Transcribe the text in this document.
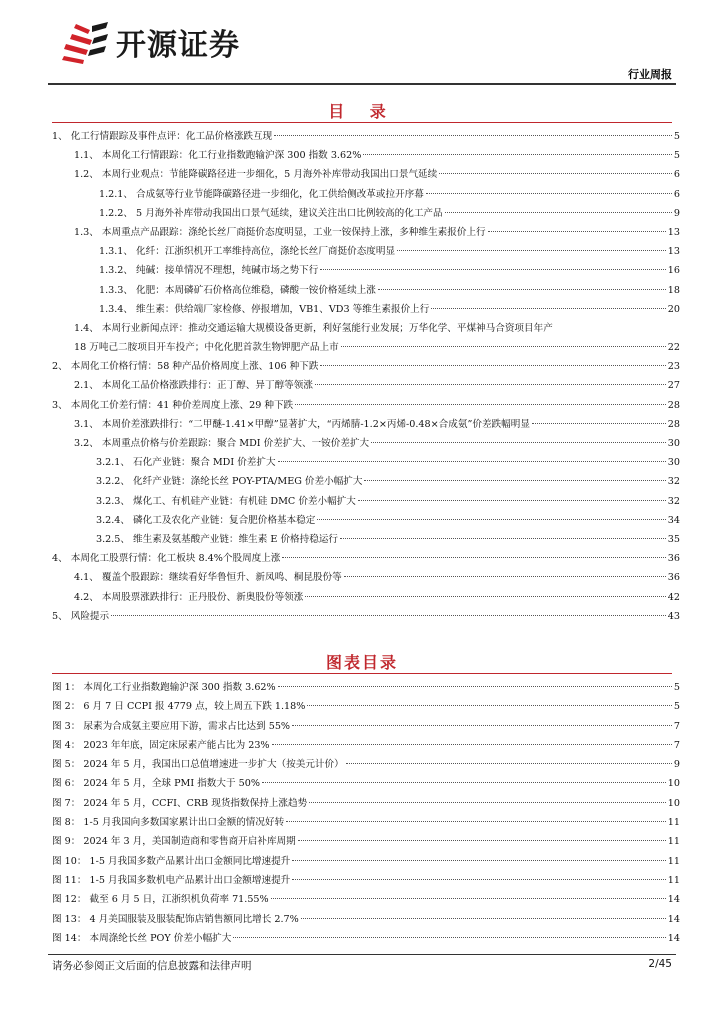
开源证券
行业周报
目 录
1、 化工行情跟踪及事件点评：化工品价格涨跌互现	5
1.1、 本周化工行情跟踪：化工行业指数跑输沪深 300 指数 3.62%	5
1.2、 本周行业观点：节能降碳路径进一步细化，5 月海外补库带动我国出口景气延续	6
1.2.1、 合成氨等行业节能降碳路径进一步细化，化工供给侧改革或拉开序幕	6
1.2.2、 5 月海外补库带动我国出口景气延续，建议关注出口比例较高的化工产品	9
1.3、 本周重点产品跟踪：涤纶长丝厂商挺价态度明显，工业一铵保持上涨，多种维生素报价上行	13
1.3.1、 化纤：江浙织机开工率维持高位，涤纶长丝厂商挺价态度明显	13
1.3.2、 纯碱：接单情况不理想，纯碱市场之势下行	16
1.3.3、 化肥：本周磷矿石价格高位维稳，磷酸一铵价格延续上涨	18
1.3.4、 维生素：供给端厂家检修、停报增加，VB1、VD3 等维生素报价上行	20
1.4、 本周行业新闻点评：推动交通运输大规模设备更新，利好氢能行业发展；万华化学、平煤神马合资项目年产
18 万吨己二胺项目开车投产；中化化肥首款生物钾肥产品上市	22
2、 本周化工价格行情：58 种产品价格周度上涨、106 种下跌	23
2.1、 本周化工品价格涨跌排行：正丁醇、异丁醇等领涨	27
3、 本周化工价差行情：41 种价差周度上涨、29 种下跌	28
3.1、 本周价差涨跌排行：“二甲醚-1.41×甲醇”显著扩大，“丙烯腈-1.2×丙烯-0.48×合成氨”价差跌幅明显	28
3.2、 本周重点价格与价差跟踪：聚合 MDI 价差扩大、一铵价差扩大	30
3.2.1、 石化产业链：聚合 MDI 价差扩大	30
3.2.2、 化纤产业链：涤纶长丝 POY-PTA/MEG 价差小幅扩大	32
3.2.3、 煤化工、有机硅产业链：有机硅 DMC 价差小幅扩大	32
3.2.4、 磷化工及农化产业链：复合肥价格基本稳定	34
3.2.5、 维生素及氨基酸产业链：维生素 E 价格持稳运行	35
4、 本周化工股票行情：化工板块 8.4%个股周度上涨	36
4.1、 覆盖个股跟踪：继续看好华鲁恒升、新凤鸣、桐昆股份等	36
4.2、 本周股票涨跌排行：正丹股份、新奥股份等领涨	42
5、 风险提示	43
图表目录
图 1： 本周化工行业指数跑输沪深 300 指数 3.62%	5
图 2： 6 月 7 日 CCPI 报 4779 点，较上周五下跌 1.18%	5
图 3： 尿素为合成氨主要应用下游，需求占比达到 55%	7
图 4： 2023 年年底，固定床尿素产能占比为 23%	7
图 5： 2024 年 5 月，我国出口总值增速进一步扩大（按美元计价）	9
图 6： 2024 年 5 月，全球 PMI 指数大于 50%	10
图 7： 2024 年 5 月，CCFI、CRB 现货指数保持上涨趋势	10
图 8： 1-5 月我国向多数国家累计出口金额的情况好转	11
图 9： 2024 年 3 月，美国制造商和零售商开启补库周期	11
图 10： 1-5 月我国多数产品累计出口金额同比增速提升	11
图 11： 1-5 月我国多数机电产品累计出口金额增速提升	11
图 12： 截至 6 月 5 日，江浙织机负荷率 71.55%	14
图 13： 4 月美国服装及服装配饰店销售额同比增长 2.7%	14
图 14： 本周涤纶长丝 POY 价差小幅扩大	14
请务必参阅正文后面的信息披露和法律声明	2/45
